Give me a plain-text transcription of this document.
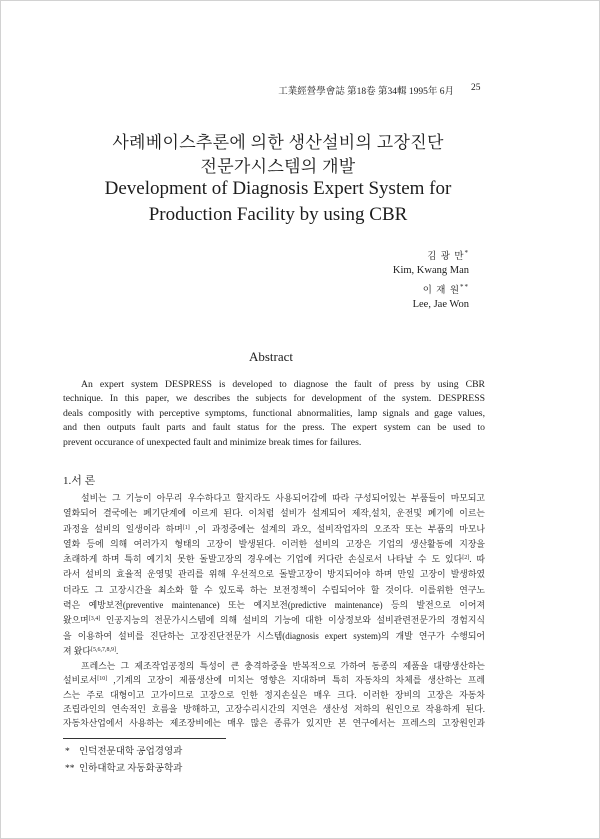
工業經營學會誌 第18卷 第34輯 1995年 6月 25
사례베이스추론에 의한 생산설비의 고장진단
전문가시스템의 개발
Development of Diagnosis Expert System for
Production Facility by using CBR
김 광 만*
Kim, Kwang Man
이 재 원**
Lee, Jae Won
Abstract
An expert system DESPRESS is developed to diagnose the fault of press by using CBR
technique. In this paper, we describes the subjects for development of the system. DESPRESS
deals compositly with perceptive symptoms, functional abnormalities, lamp signals and gage values,
and then outputs fault parts and fault status for the press. The expert system can be used to
prevent occurance of unexpected fault and minimize break times for failures.
1.서 론
설비는 그 기능이 아무리 우수하다고 할지라도 사용되어감에 따라 구성되어있는 부품들이 마모되고
열화되어 결국에는 폐기단계에 이르게 된다. 이처럼 설비가 설계되어 제작,설치, 운전및 폐기에 이르는
과정을 설비의 일생이라 하며[1] ,이 과정중에는 설계의 과오, 설비작업자의 오조작 또는 부품의 마모나
열화 등에 의해 여러가지 형태의 고장이 발생된다. 이러한 설비의 고장은 기업의 생산활동에 지장을
초래하게 하며 특히 예기치 못한 돌발고장의 경우에는 기업에 커다란 손실로서 나타날 수 도 있다[2]. 따
라서 설비의 효율적 운영및 관리를 위해 우선적으로 돌발고장이 방지되어야 하며 만일 고장이 발생하였
더라도 그 고장시간을 최소화 할 수 있도록 하는 보전정책이 수립되어야 할 것이다. 이를위한 연구노
력은 예방보전(preventive maintenance) 또는 예지보전(predictive maintenance) 등의 발전으로 이어져
왔으며[3,4] 인공지능의 전문가시스템에 의해 설비의 기능에 대한 이상정보와 설비관련전문가의 경험지식
을 이용하여 설비를 진단하는 고장진단전문가 시스템(diagnosis expert system)의 개발 연구가 수행되어
져 왔다[5,6,7,8,9].
프레스는 그 제조작업공정의 특성이 큰 충격하중을 반복적으로 가하여 동종의 제품을 대량생산하는
설비로서[10] ,기계의 고장이 제품생산에 미치는 영향은 지대하며 특히 자동차의 차체를 생산하는 프레
스는 주로 대형이고 고가이므로 고장으로 인한 정지손실은 매우 크다. 이러한 장비의 고장은 자동차
조립라인의 연속적인 흐름을 방해하고, 고장수리시간의 지연은 생산성 저하의 원인으로 작용하게 된다.
자동차산업에서 사용하는 제조장비에는 매우 많은 종류가 있지만 본 연구에서는 프레스의 고장원인과
* 인덕전문대학 공업경영과
** 인하대학교 자동화공학과
